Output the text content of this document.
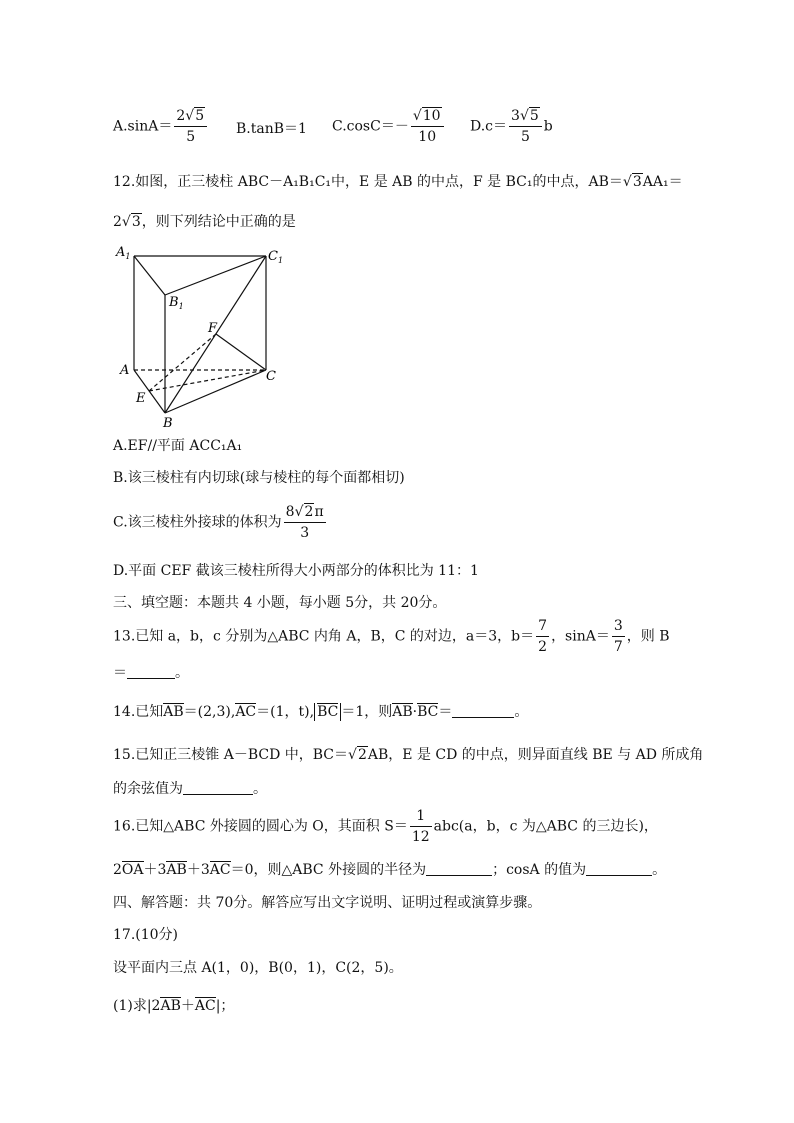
$A.\sin A= \frac{2√5}{5} B.\tan B=1$ $C.\cos C=- \frac{√10}{10} D.c= \frac{3√5}{5}$ b
12.如图，正三棱柱 ABC－A₁B₁C₁中，E 是 AB 的中点，F 是 BC₁的中点，AB＝√3AA₁＝
2√3，则下列结论中正确的是
$A_1$	$C_1$
$B_1$
F
A	C
E
B
A.EF//平面 ACC₁A₁
B.该三棱柱有内切球(球与棱柱的每个面都相切)
C.该三棱柱外接球的体积为 $\frac{8√2\pi}{3}$
D.平面 CEF 截该三棱柱所得大小两部分的体积比为 11：1
三、填空题：本题共 4 小题，每小题 5分，共 20分。
13.已知 a，b，c 分别为△ABC 内角 A，B，C 的对边，a＝3，$b= \frac{7}{2}$ ，$\sin A= \frac{3}{7}$ ，则 B
＝	。
14.已知AB＝(2,3),AC＝(1，t), BC ＝1，则AB·BC＝	。
15.已知正三棱锥 A－BCD 中，BC＝√2AB，E 是 CD 的中点，则异面直线 BE 与 AD 所成角
的余弦值为	。
16.已知△ABC 外接圆的圆心为 O，其面积 $S= \frac{1}{12} abc(a$，b，c 为△ABC 的三边长)，
2OA＋3AB＋3AC＝0，则△ABC 外接圆的半径为	；cosA 的值为	。
四、解答题：共 70分。解答应写出文字说明、证明过程或演算步骤。
17.(10分)
设平面内三点 A(1，0)，B(0，1)，C(2，5)。
(1)求|2AB＋AC|；
